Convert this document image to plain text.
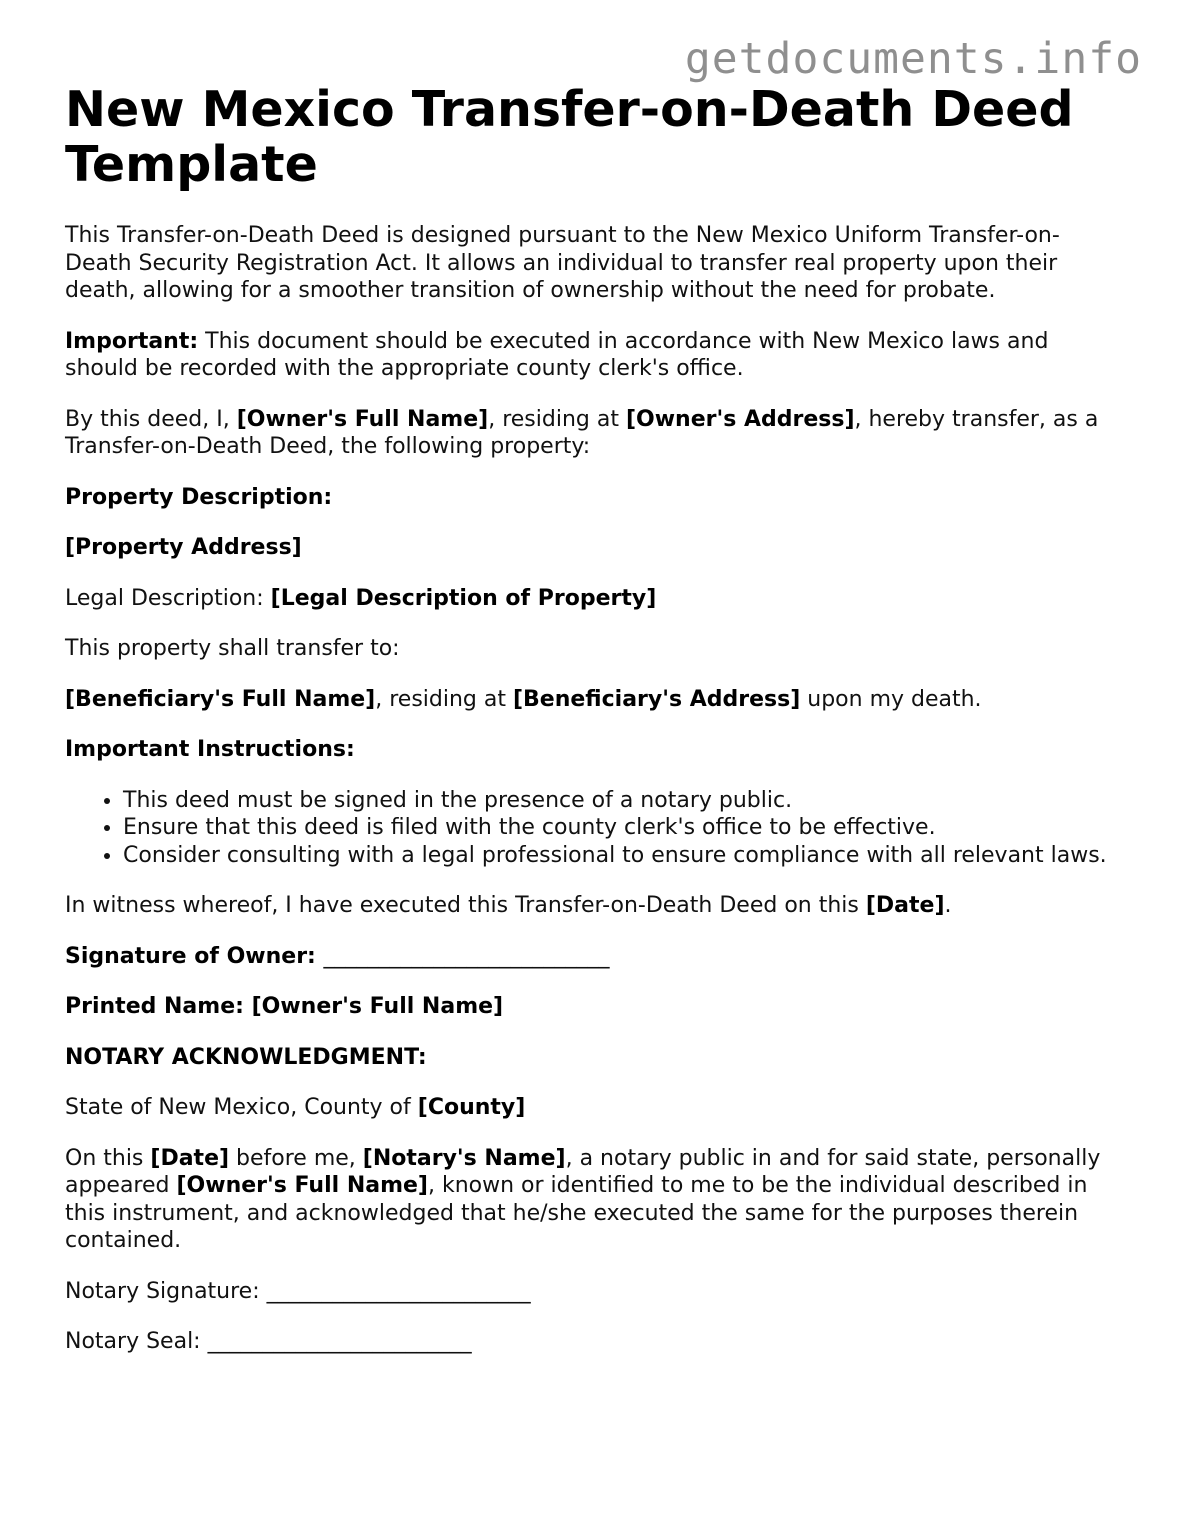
getdocuments.info
New Mexico Transfer-on-Death Deed Template

This Transfer-on-Death Deed is designed pursuant to the New Mexico Uniform Transfer-on-Death Security Registration Act. It allows an individual to transfer real property upon their death, allowing for a smoother transition of ownership without the need for probate.

Important: This document should be executed in accordance with New Mexico laws and should be recorded with the appropriate county clerk's office.

By this deed, I, [Owner's Full Name], residing at [Owner's Address], hereby transfer, as a Transfer-on-Death Deed, the following property:

Property Description:

[Property Address]

Legal Description: [Legal Description of Property]

This property shall transfer to:

[Beneficiary's Full Name], residing at [Beneficiary's Address] upon my death.

Important Instructions:

• This deed must be signed in the presence of a notary public.
• Ensure that this deed is filed with the county clerk's office to be effective.
• Consider consulting with a legal professional to ensure compliance with all relevant laws.

In witness whereof, I have executed this Transfer-on-Death Deed on this [Date].

Signature of Owner: __________________________

Printed Name: [Owner's Full Name]

NOTARY ACKNOWLEDGMENT:

State of New Mexico, County of [County]

On this [Date] before me, [Notary's Name], a notary public in and for said state, personally appeared [Owner's Full Name], known or identified to me to be the individual described in this instrument, and acknowledged that he/she executed the same for the purposes therein contained.

Notary Signature: ________________________

Notary Seal: ________________________
